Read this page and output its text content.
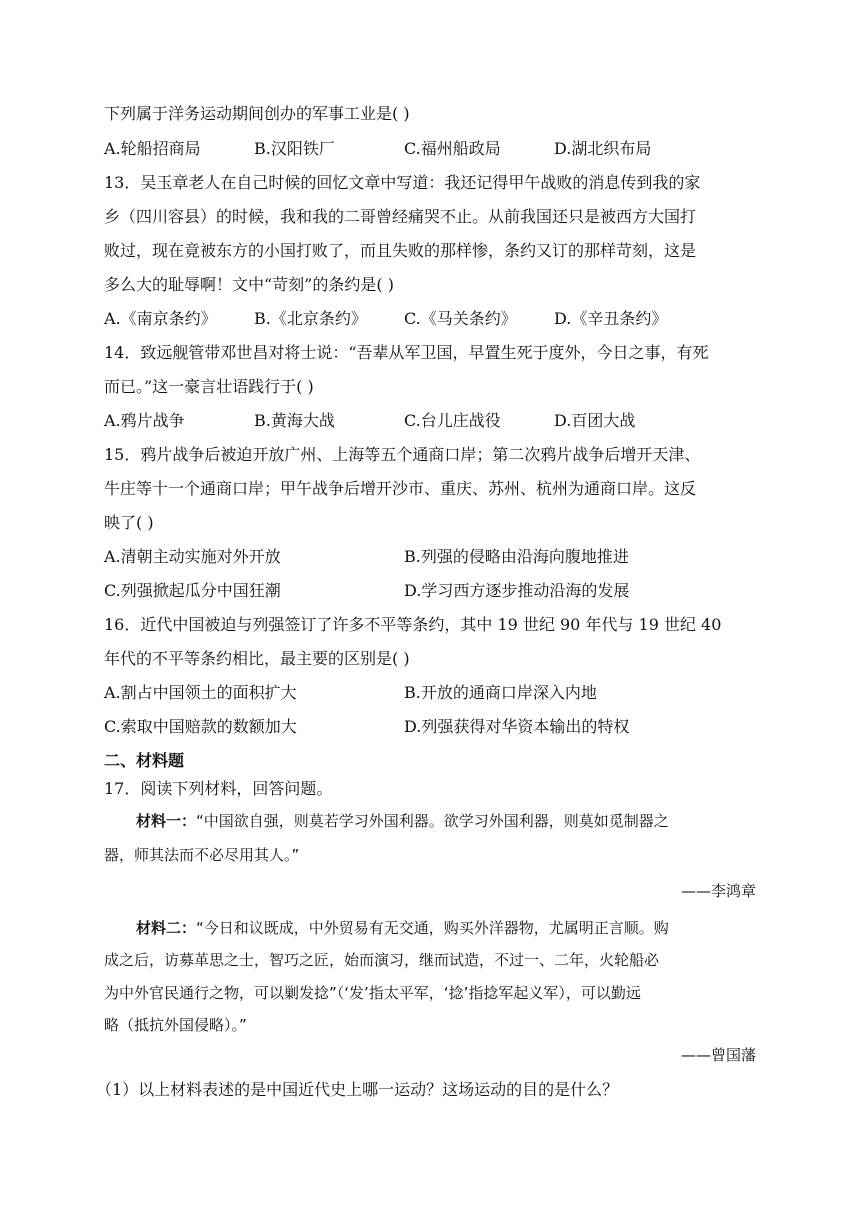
下列属于洋务运动期间创办的军事工业是( )
A.轮船招商局	B.汉阳铁厂	C.福州船政局	D.湖北织布局
13．吴玉章老人在自己时候的回忆文章中写道：我还记得甲午战败的消息传到我的家
乡（四川容县）的时候，我和我的二哥曾经痛哭不止。从前我国还只是被西方大国打
败过，现在竟被东方的小国打败了，而且失败的那样惨，条约又订的那样苛刻，这是
多么大的耻辱啊！文中“苛刻”的条约是( )
A.《南京条约》 B.《北京条约》 C.《马关条约》 D.《辛丑条约》
14．致远舰管带邓世昌对将士说：“吾辈从军卫国，早置生死于度外，今日之事，有死
而已。”这一豪言壮语践行于( )
A.鸦片战争	B.黄海大战	C.台儿庄战役	D.百团大战
15．鸦片战争后被迫开放广州、上海等五个通商口岸；第二次鸦片战争后增开天津、
牛庄等十一个通商口岸；甲午战争后增开沙市、重庆、苏州、杭州为通商口岸。这反
映了( )
A.清朝主动实施对外开放	B.列强的侵略由沿海向腹地推进
C.列强掀起瓜分中国狂潮	D.学习西方逐步推动沿海的发展
16．近代中国被迫与列强签订了许多不平等条约，其中 19 世纪 90 年代与 19 世纪 40
年代的不平等条约相比，最主要的区别是( )
A.割占中国领土的面积扩大	B.开放的通商口岸深入内地
C.索取中国赔款的数额加大	D.列强获得对华资本输出的特权
二、材料题
17．阅读下列材料，回答问题。
材料一：“中国欲自强，则莫若学习外国利器。欲学习外国利器，则莫如觅制器之
器，师其法而不必尽用其人。”
——李鸿章
材料二：“今日和议既成，中外贸易有无交通，购买外洋器物，尤属明正言顺。购
成之后，访募革思之士，智巧之匠，始而演习，继而试造，不过一、二年，火轮船必
为中外官民通行之物，可以剿发捻”（‘发’指太平军，‘捻’指捻军起义军），可以勤远
略（抵抗外国侵略）。”
——曾国藩
（1）以上材料表述的是中国近代史上哪一运动？这场运动的目的是什么？
